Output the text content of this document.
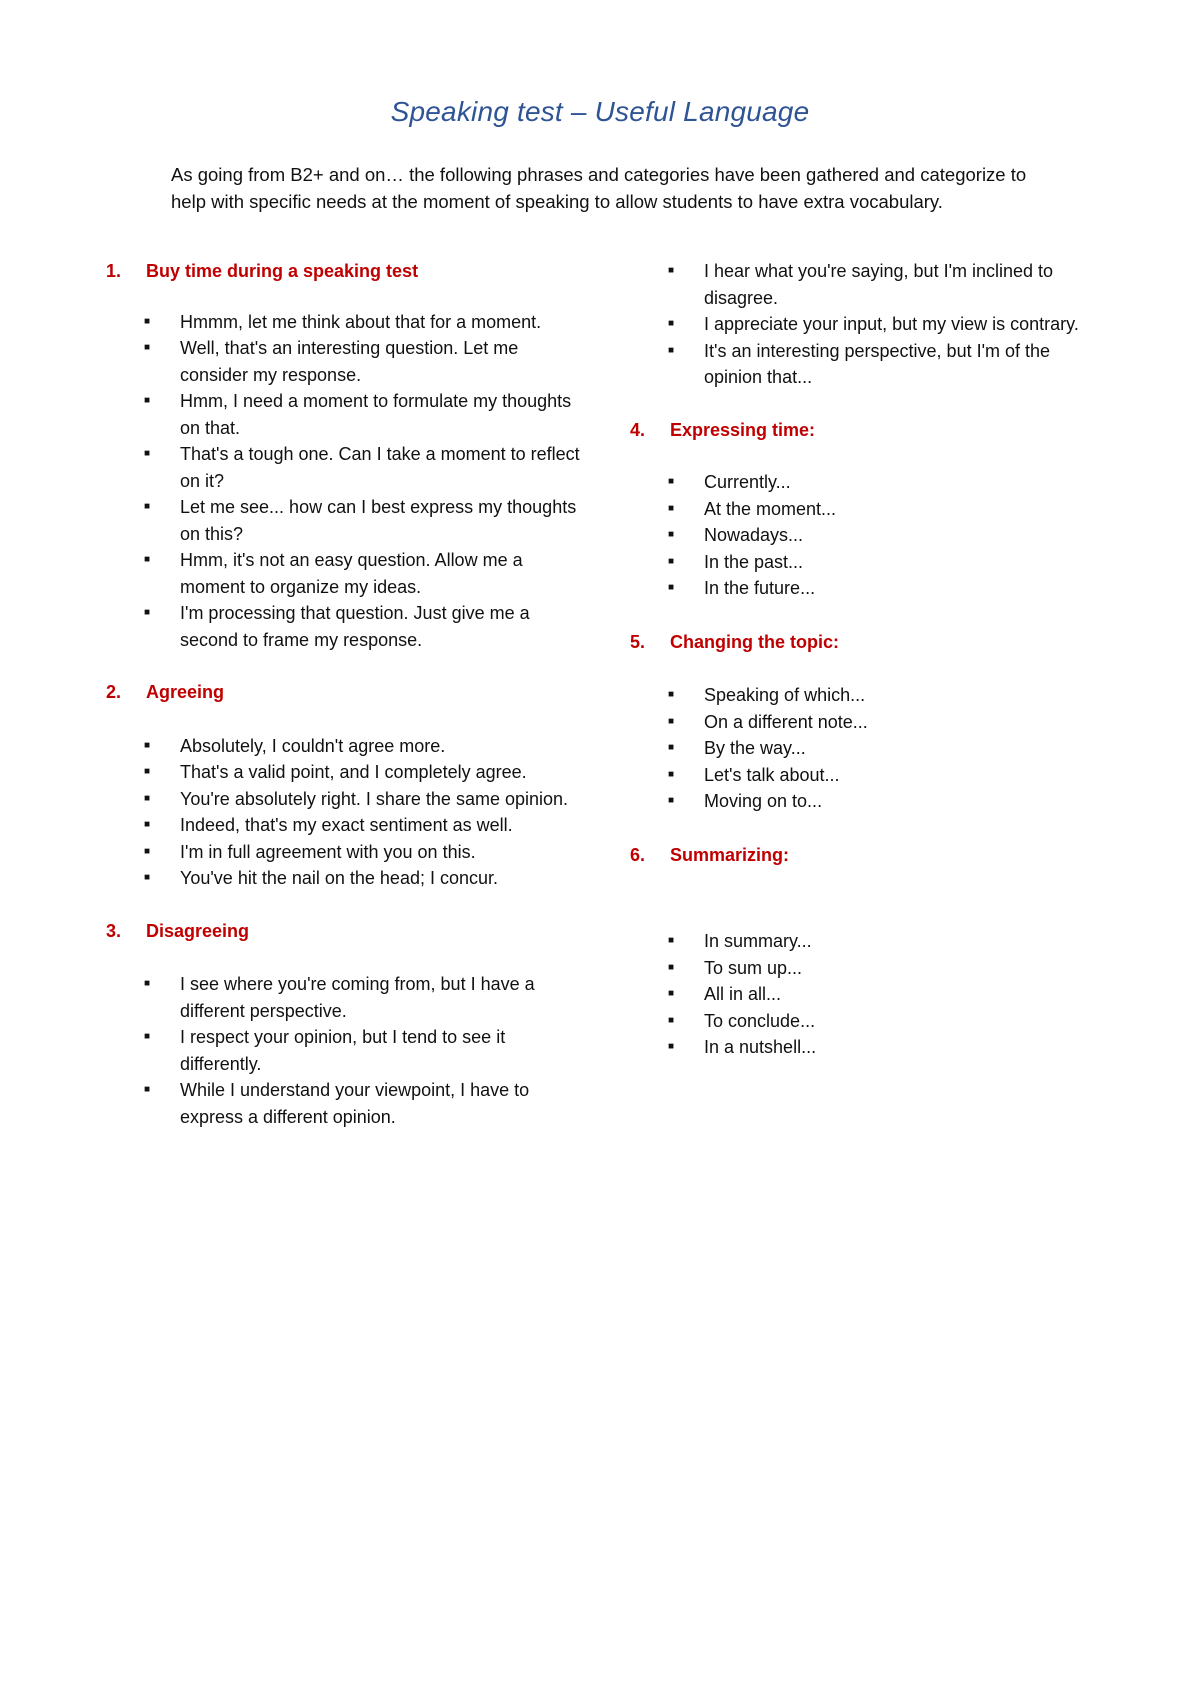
Speaking test – Useful Language
As going from B2+ and on… the following phrases and categories have been gathered and categorize to help with specific needs at the moment of speaking to allow students to have extra vocabulary.
1.	Buy time during a speaking test
■	Hmmm, let me think about that for a moment.
■	Well, that's an interesting question. Let me consider my response.
■	Hmm, I need a moment to formulate my thoughts on that.
■	That's a tough one. Can I take a moment to reflect on it?
■	Let me see... how can I best express my thoughts on this?
■	Hmm, it's not an easy question. Allow me a moment to organize my ideas.
■	I'm processing that question. Just give me a second to frame my response.
2.	Agreeing
■	Absolutely, I couldn't agree more.
■	That's a valid point, and I completely agree.
■	You're absolutely right. I share the same opinion.
■	Indeed, that's my exact sentiment as well.
■	I'm in full agreement with you on this.
■	You've hit the nail on the head; I concur.
3.	Disagreeing
■	I see where you're coming from, but I have a different perspective.
■	I respect your opinion, but I tend to see it differently.
■	While I understand your viewpoint, I have to express a different opinion.
■	I hear what you're saying, but I'm inclined to disagree.
■	I appreciate your input, but my view is contrary.
■	It's an interesting perspective, but I'm of the opinion that...
4.	Expressing time:
■	Currently...
■	At the moment...
■	Nowadays...
■	In the past...
■	In the future...
5.	Changing the topic:
■	Speaking of which...
■	On a different note...
■	By the way...
■	Let's talk about...
■	Moving on to...
6.	Summarizing:
■	In summary...
■	To sum up...
■	All in all...
■	To conclude...
■	In a nutshell...
